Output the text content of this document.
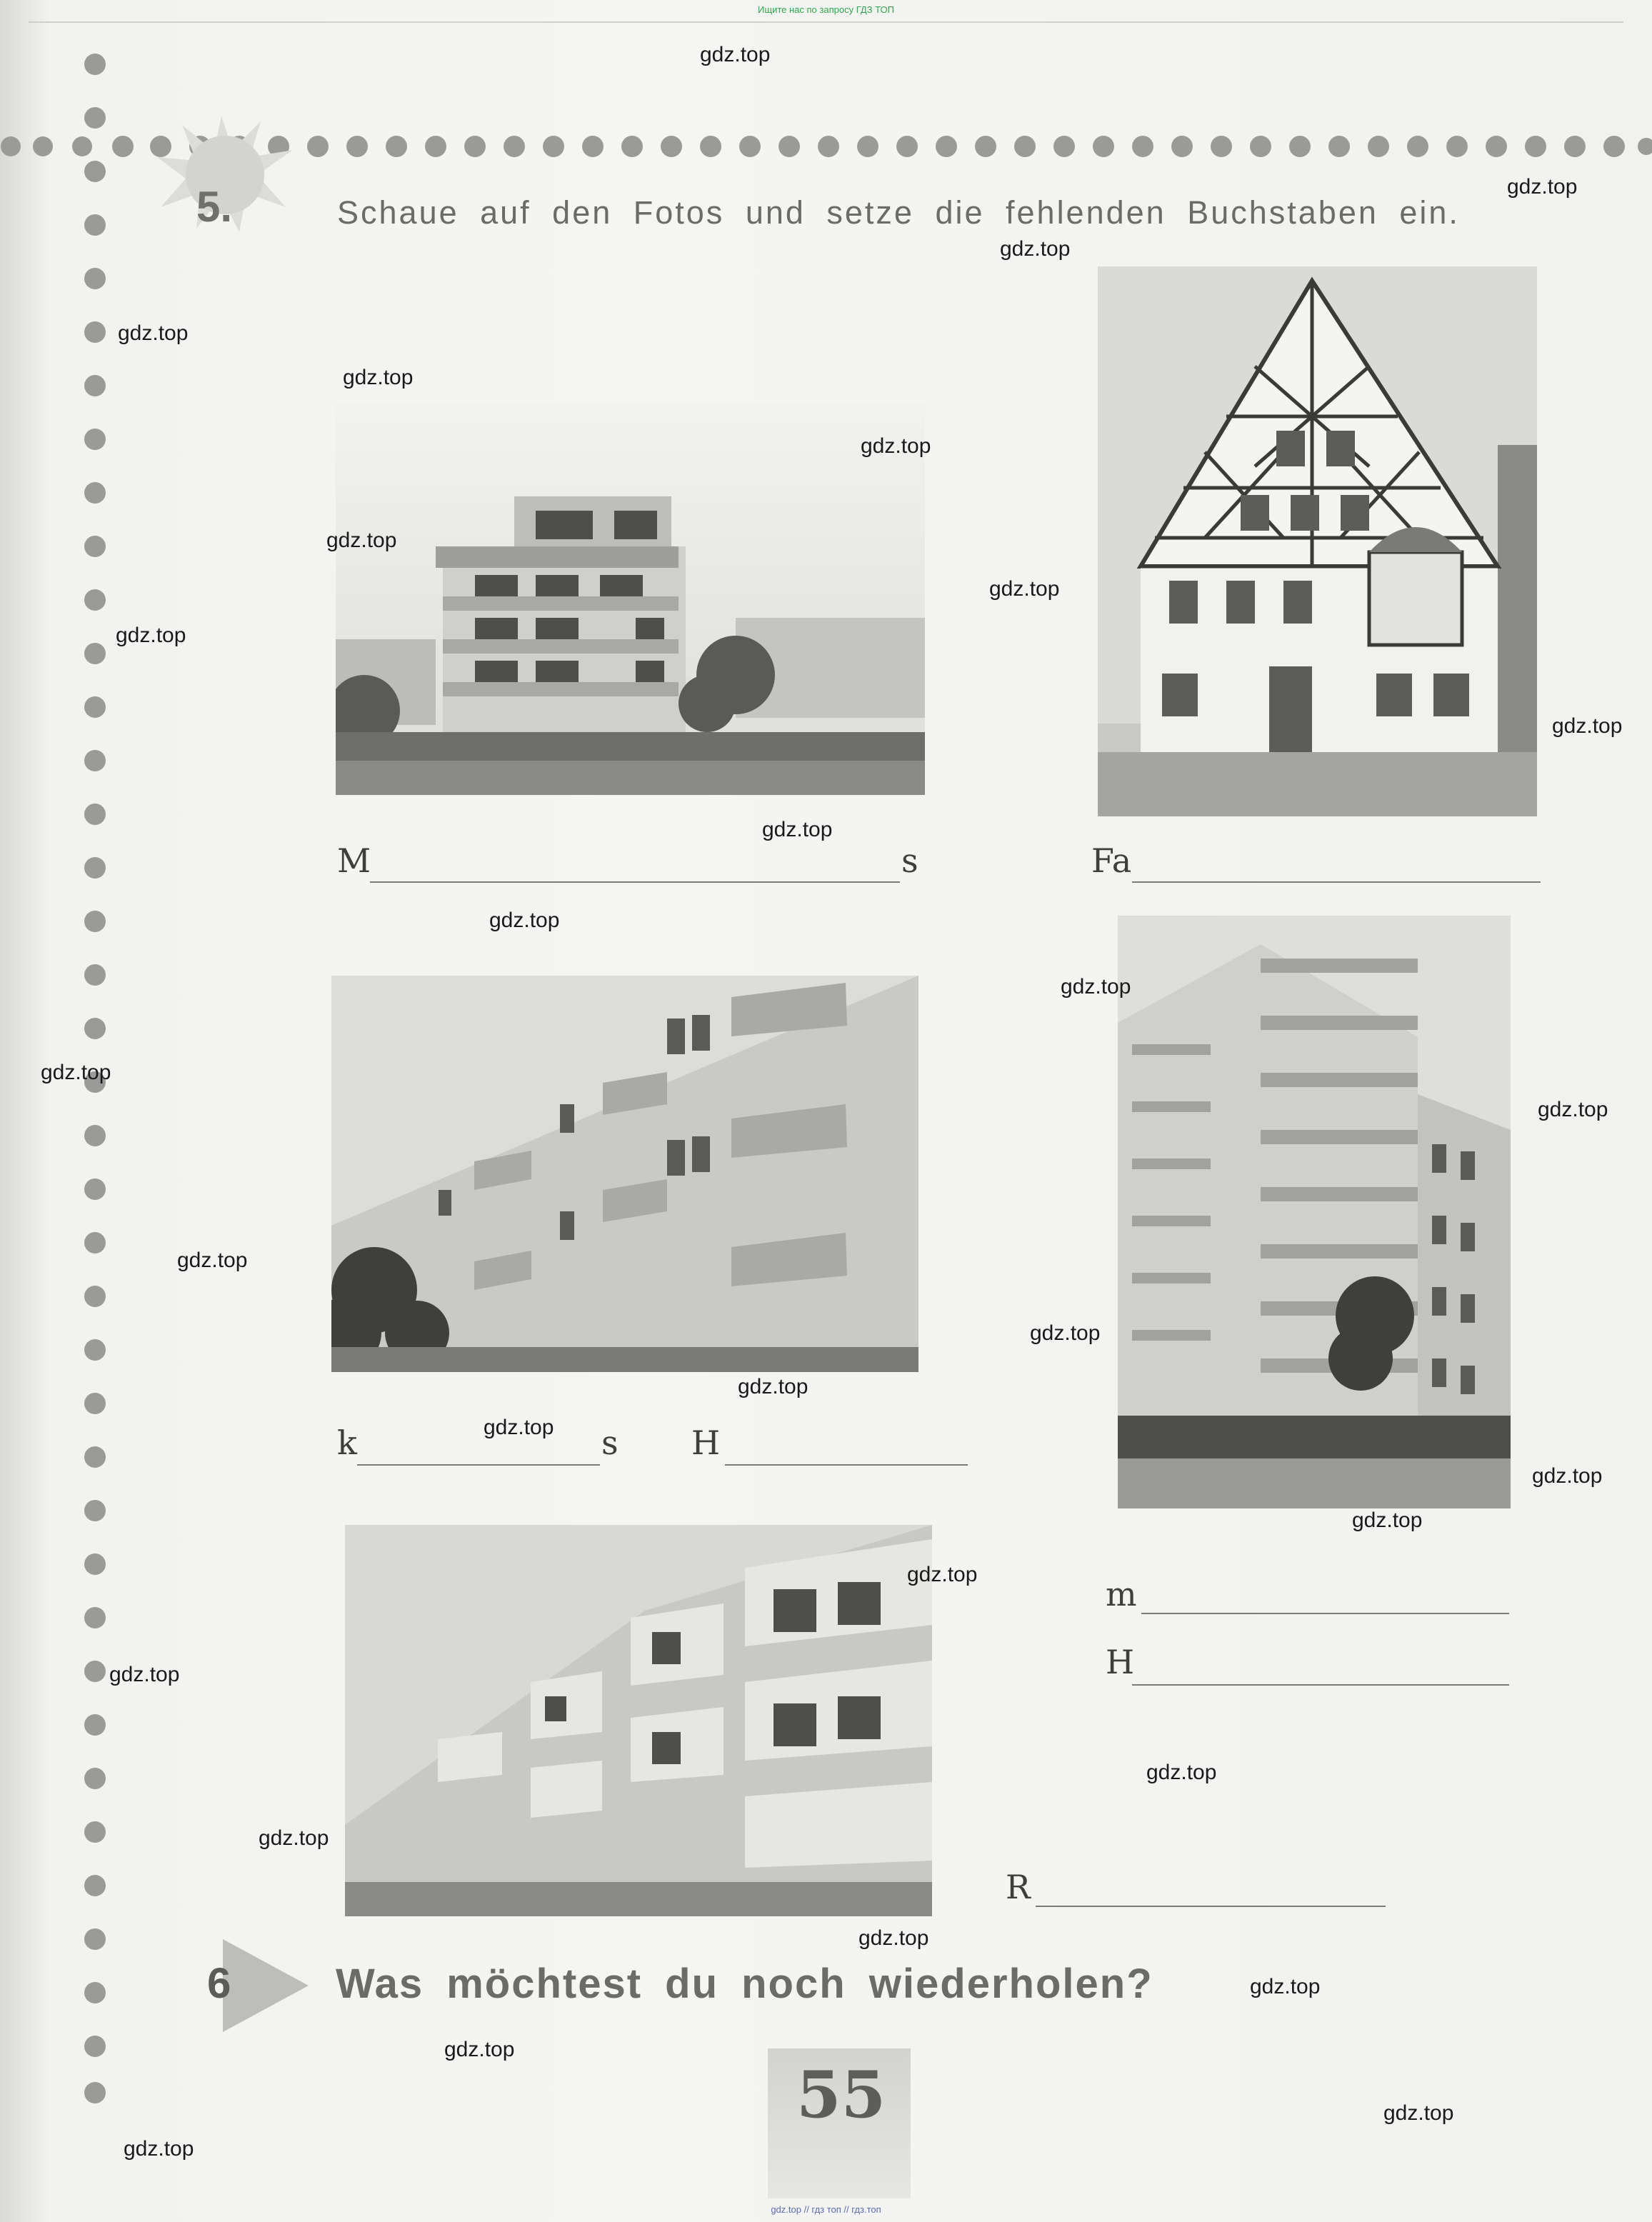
Ищите нас по запросу ГДЗ ТОП

5.	Schaue auf den Fotos und setze die fehlenden Buchstaben ein.
M	s	Fa
k	s H
m
H
R
6	Was möchtest du noch wiederholen?
55
gdz.top
gdz.top
gdz.top
gdz.top
gdz.top
gdz.top
gdz.top
gdz.top
gdz.top
gdz.top
gdz.top
gdz.top
gdz.top
gdz.top
gdz.top
gdz.top
gdz.top
gdz.top
gdz.top
gdz.top
gdz.top
gdz.top
gdz.top
gdz.top
gdz.top
gdz.top
gdz.top
gdz.top
gdz.top
gdz.top
gdz.top // гдз топ // гдз.топ
